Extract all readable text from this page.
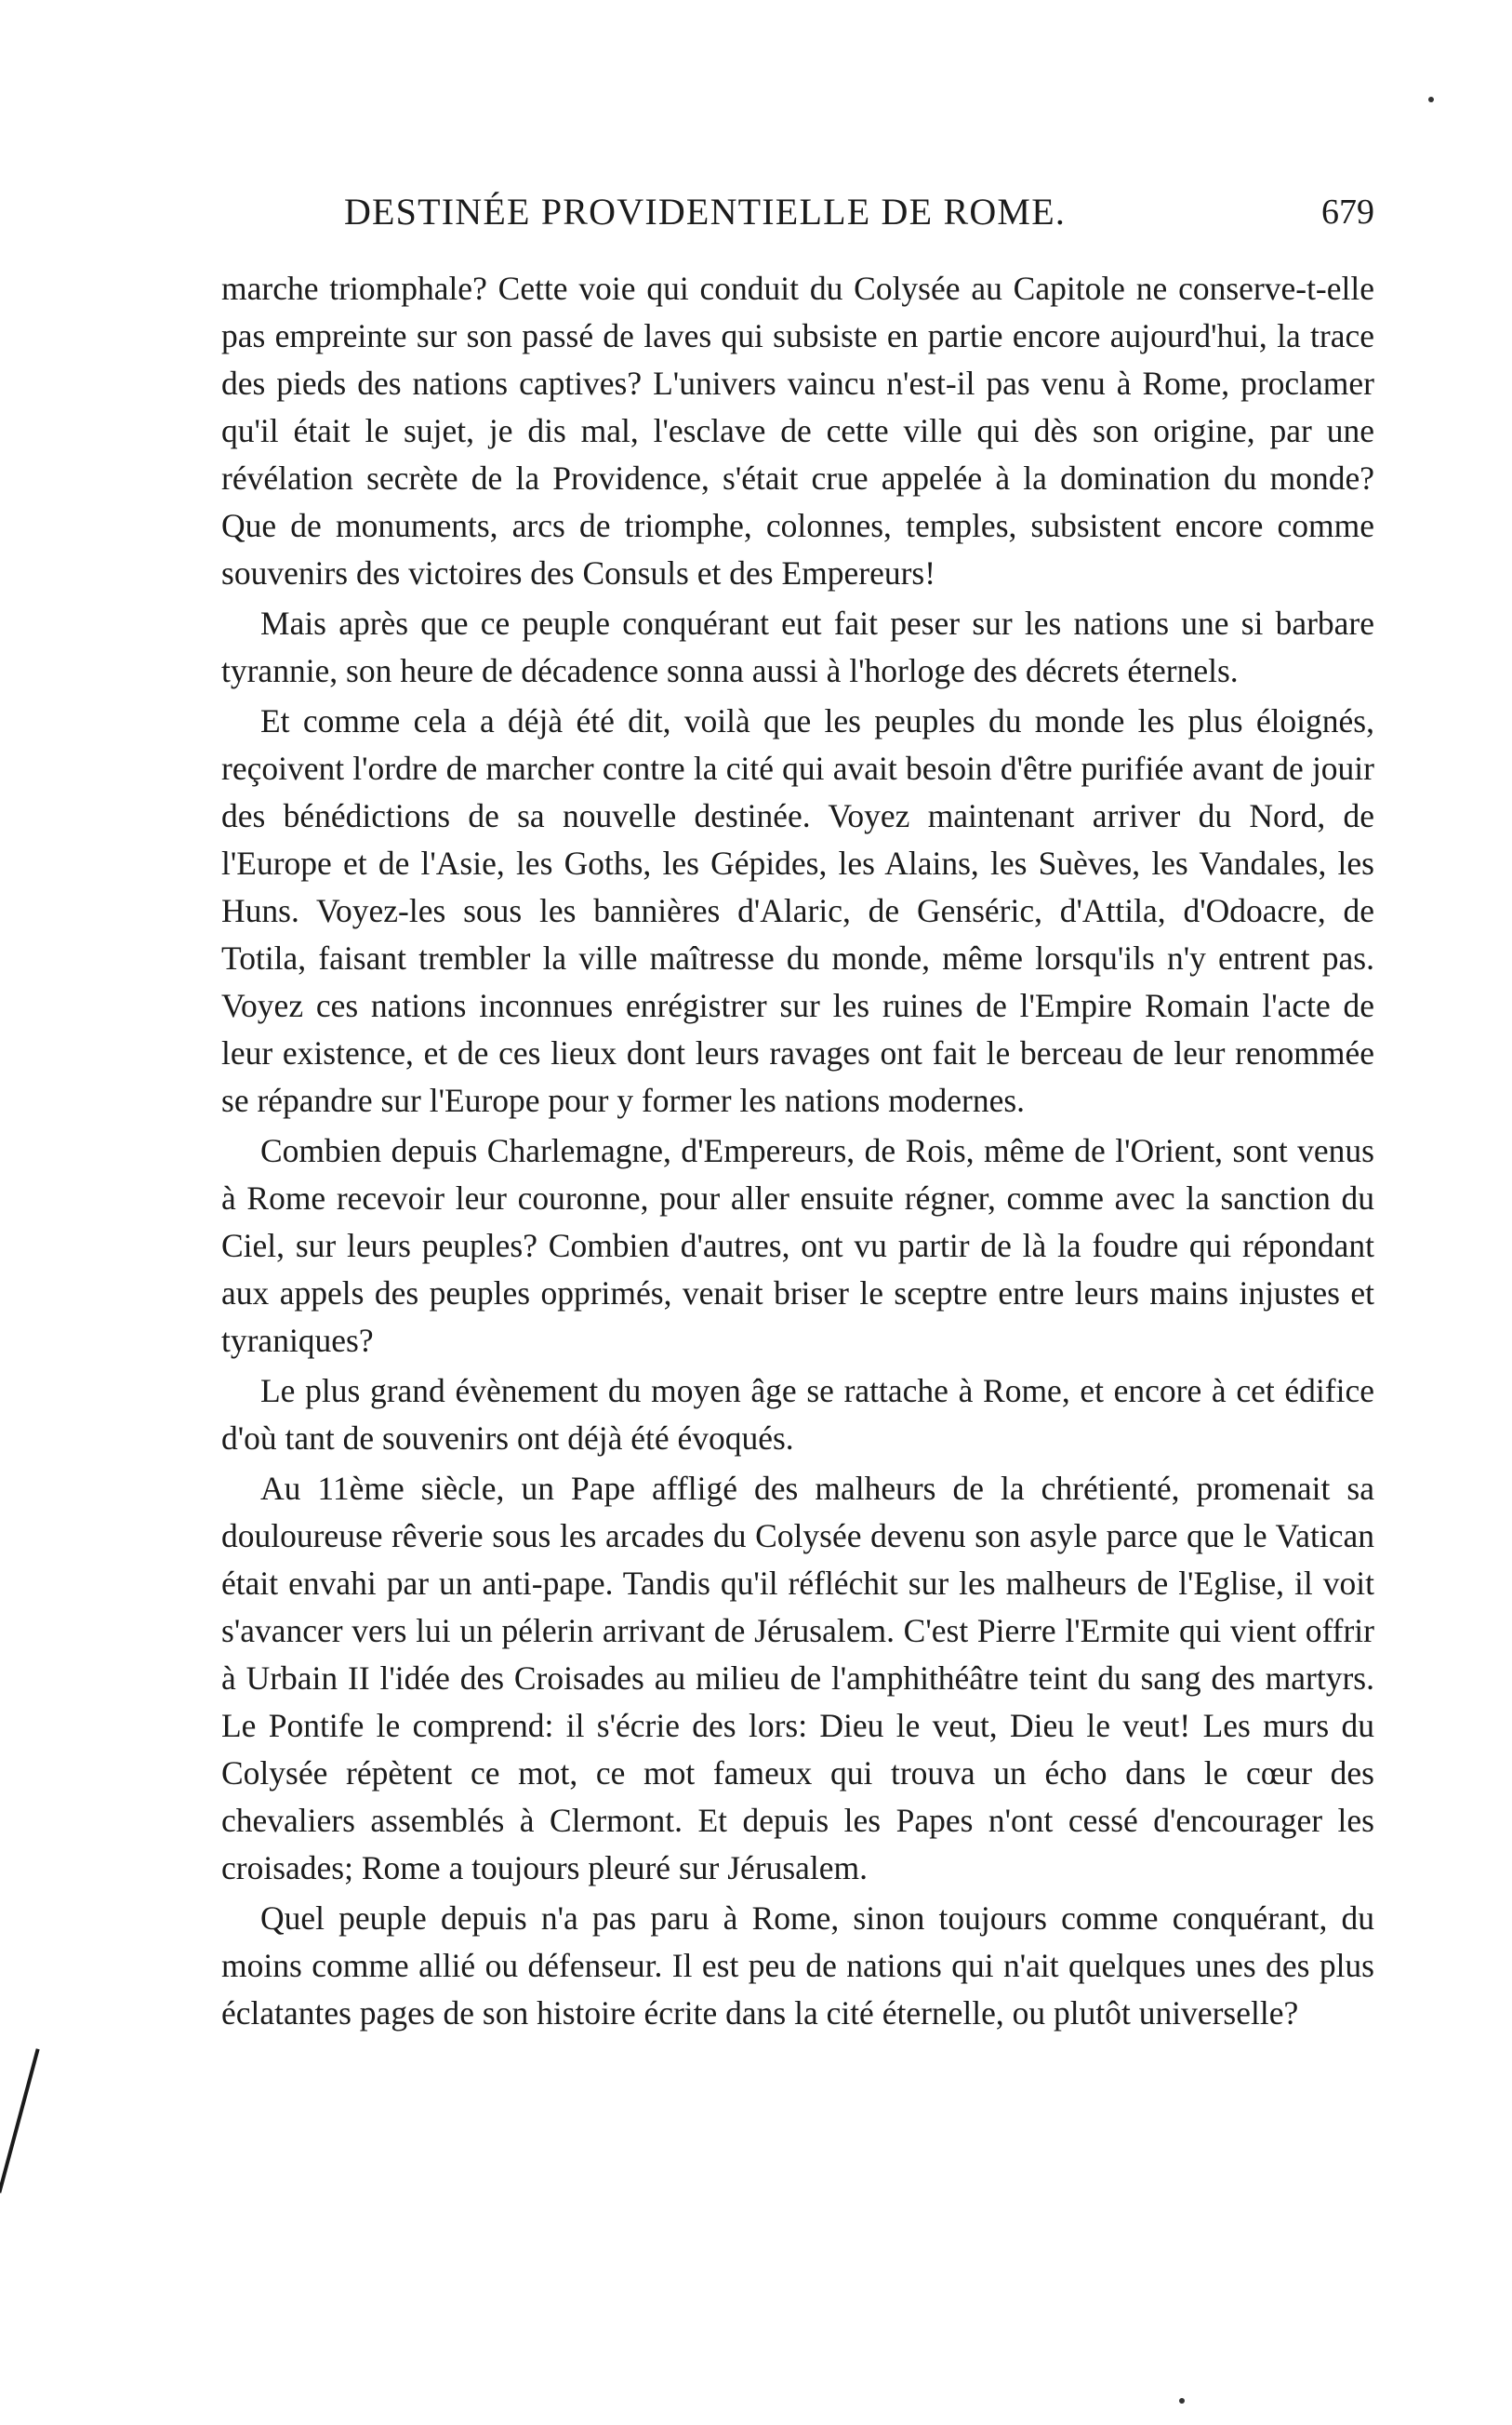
DESTINÉE PROVIDENTIELLE DE ROME.	679

marche triomphale? Cette voie qui conduit du Colysée au Capitole ne conserve-t-elle pas empreinte sur son passé de laves qui subsiste en partie encore aujourd'hui, la trace des pieds des nations captives? L'univers vaincu n'est-il pas venu à Rome, proclamer qu'il était le sujet, je dis mal, l'esclave de cette ville qui dès son origine, par une révélation secrète de la Providence, s'était crue appelée à la domination du monde? Que de monuments, arcs de triomphe, colonnes, temples, subsistent encore comme souvenirs des victoires des Consuls et des Empereurs!

Mais après que ce peuple conquérant eut fait peser sur les nations une si barbare tyrannie, son heure de décadence sonna aussi à l'horloge des décrets éternels.

Et comme cela a déjà été dit, voilà que les peuples du monde les plus éloignés, reçoivent l'ordre de marcher contre la cité qui avait besoin d'être purifiée avant de jouir des bénédictions de sa nouvelle destinée. Voyez maintenant arriver du Nord, de l'Europe et de l'Asie, les Goths, les Gépides, les Alains, les Suèves, les Vandales, les Huns. Voyez-les sous les bannières d'Alaric, de Genséric, d'Attila, d'Odoacre, de Totila, faisant trembler la ville maîtresse du monde, même lorsqu'ils n'y entrent pas. Voyez ces nations inconnues enrégistrer sur les ruines de l'Empire Romain l'acte de leur existence, et de ces lieux dont leurs ravages ont fait le berceau de leur renommée se répandre sur l'Europe pour y former les nations modernes.

Combien depuis Charlemagne, d'Empereurs, de Rois, même de l'Orient, sont venus à Rome recevoir leur couronne, pour aller ensuite régner, comme avec la sanction du Ciel, sur leurs peuples? Combien d'autres, ont vu partir de là la foudre qui répondant aux appels des peuples opprimés, venait briser le sceptre entre leurs mains injustes et tyraniques?

Le plus grand évènement du moyen âge se rattache à Rome, et encore à cet édifice d'où tant de souvenirs ont déjà été évoqués.

Au 11ème siècle, un Pape affligé des malheurs de la chrétienté, promenait sa douloureuse rêverie sous les arcades du Colysée devenu son asyle parce que le Vatican était envahi par un anti-pape. Tandis qu'il réfléchit sur les malheurs de l'Eglise, il voit s'avancer vers lui un pélerin arrivant de Jérusalem. C'est Pierre l'Ermite qui vient offrir à Urbain II l'idée des Croisades au milieu de l'amphithéâtre teint du sang des martyrs. Le Pontife le comprend: il s'écrie des lors: Dieu le veut, Dieu le veut! Les murs du Colysée répètent ce mot, ce mot fameux qui trouva un écho dans le cœur des chevaliers assemblés à Clermont. Et depuis les Papes n'ont cessé d'encourager les croisades; Rome a toujours pleuré sur Jérusalem.

Quel peuple depuis n'a pas paru à Rome, sinon toujours comme conquérant, du moins comme allié ou défenseur. Il est peu de nations qui n'ait quelques unes des plus éclatantes pages de son histoire écrite dans la cité éternelle, ou plutôt universelle?
